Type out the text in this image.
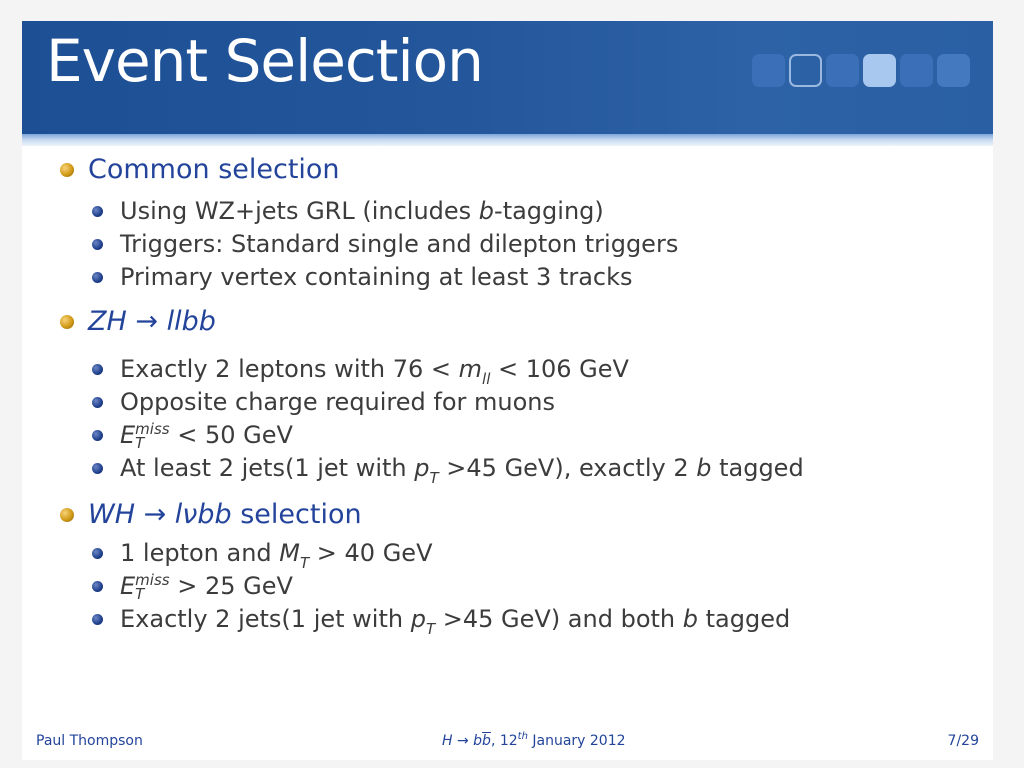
Event Selection
Common selection
Using WZ+jets GRL (includes b-tagging)
Triggers: Standard single and dilepton triggers
Primary vertex containing at least 3 tracks
ZH → llbb
Exactly 2 leptons with $76 < m_{ll} < 106$ GeV
Opposite charge required for muons
E miss
T	< 50 GeV
At least 2 jets(1 jet with $p_T >45$ GeV), exactly 2 b tagged
WH → lνbb selection
1 lepton and $M_T > 40$ GeV
E miss
T	> 25 GeV
Exactly 2 jets(1 jet with $p_T >45$ GeV) and both b tagged
Paul Thompson	$H \to b\overline{b}$, 12th January 2012	7/29
